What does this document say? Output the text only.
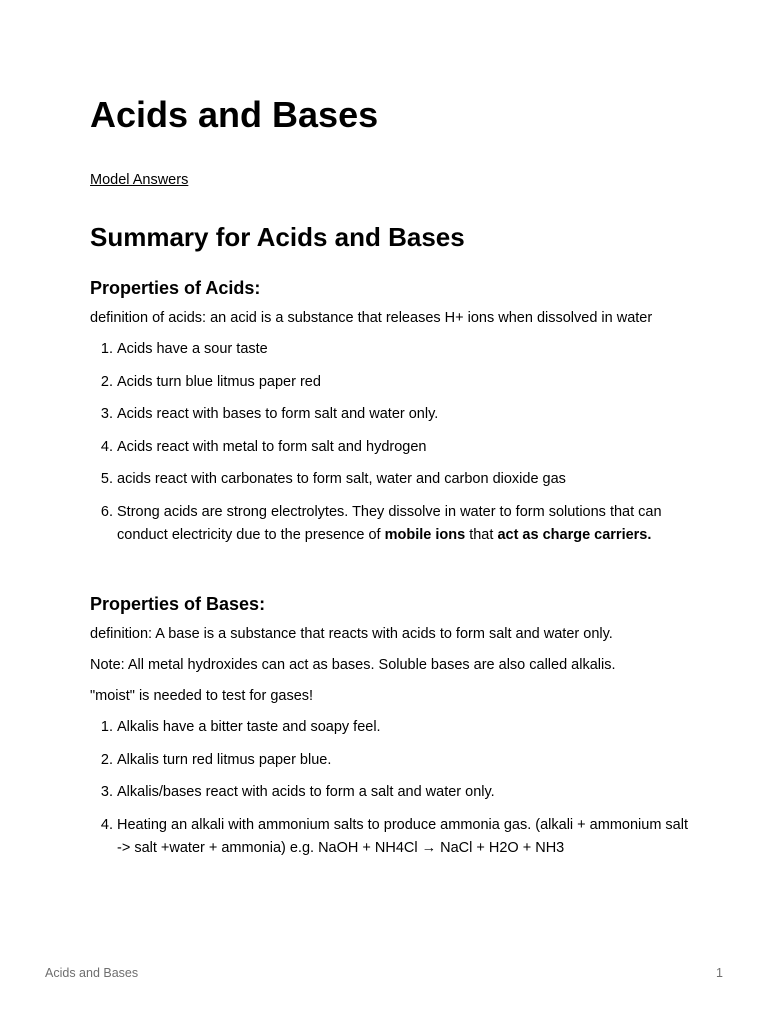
Acids and Bases
Model Answers
Summary for Acids and Bases
Properties of Acids:

definition of acids: an acid is a substance that releases H+ ions when dissolved in water

1. Acids have a sour taste
2. Acids turn blue litmus paper red
3. Acids react with bases to form salt and water only.
4. Acids react with metal to form salt and hydrogen
5. acids react with carbonates to form salt, water and carbon dioxide gas
6. Strong acids are strong electrolytes. They dissolve in water to form solutions that can conduct electricity due to the presence of mobile ions that act as charge carriers.
Properties of Bases:

definition: A base is a substance that reacts with acids to form salt and water only.

Note: All metal hydroxides can act as bases. Soluble bases are also called alkalis.

"moist" is needed to test for gases!

1. Alkalis have a bitter taste and soapy feel.
2. Alkalis turn red litmus paper blue.
3. Alkalis/bases react with acids to form a salt and water only.
4. Heating an alkali with ammonium salts to produce ammonia gas. (alkali + ammonium salt -> salt +water + ammonia) e.g. NaOH + NH4Cl → NaCl + H2O + NH3
Acids and Bases	1
